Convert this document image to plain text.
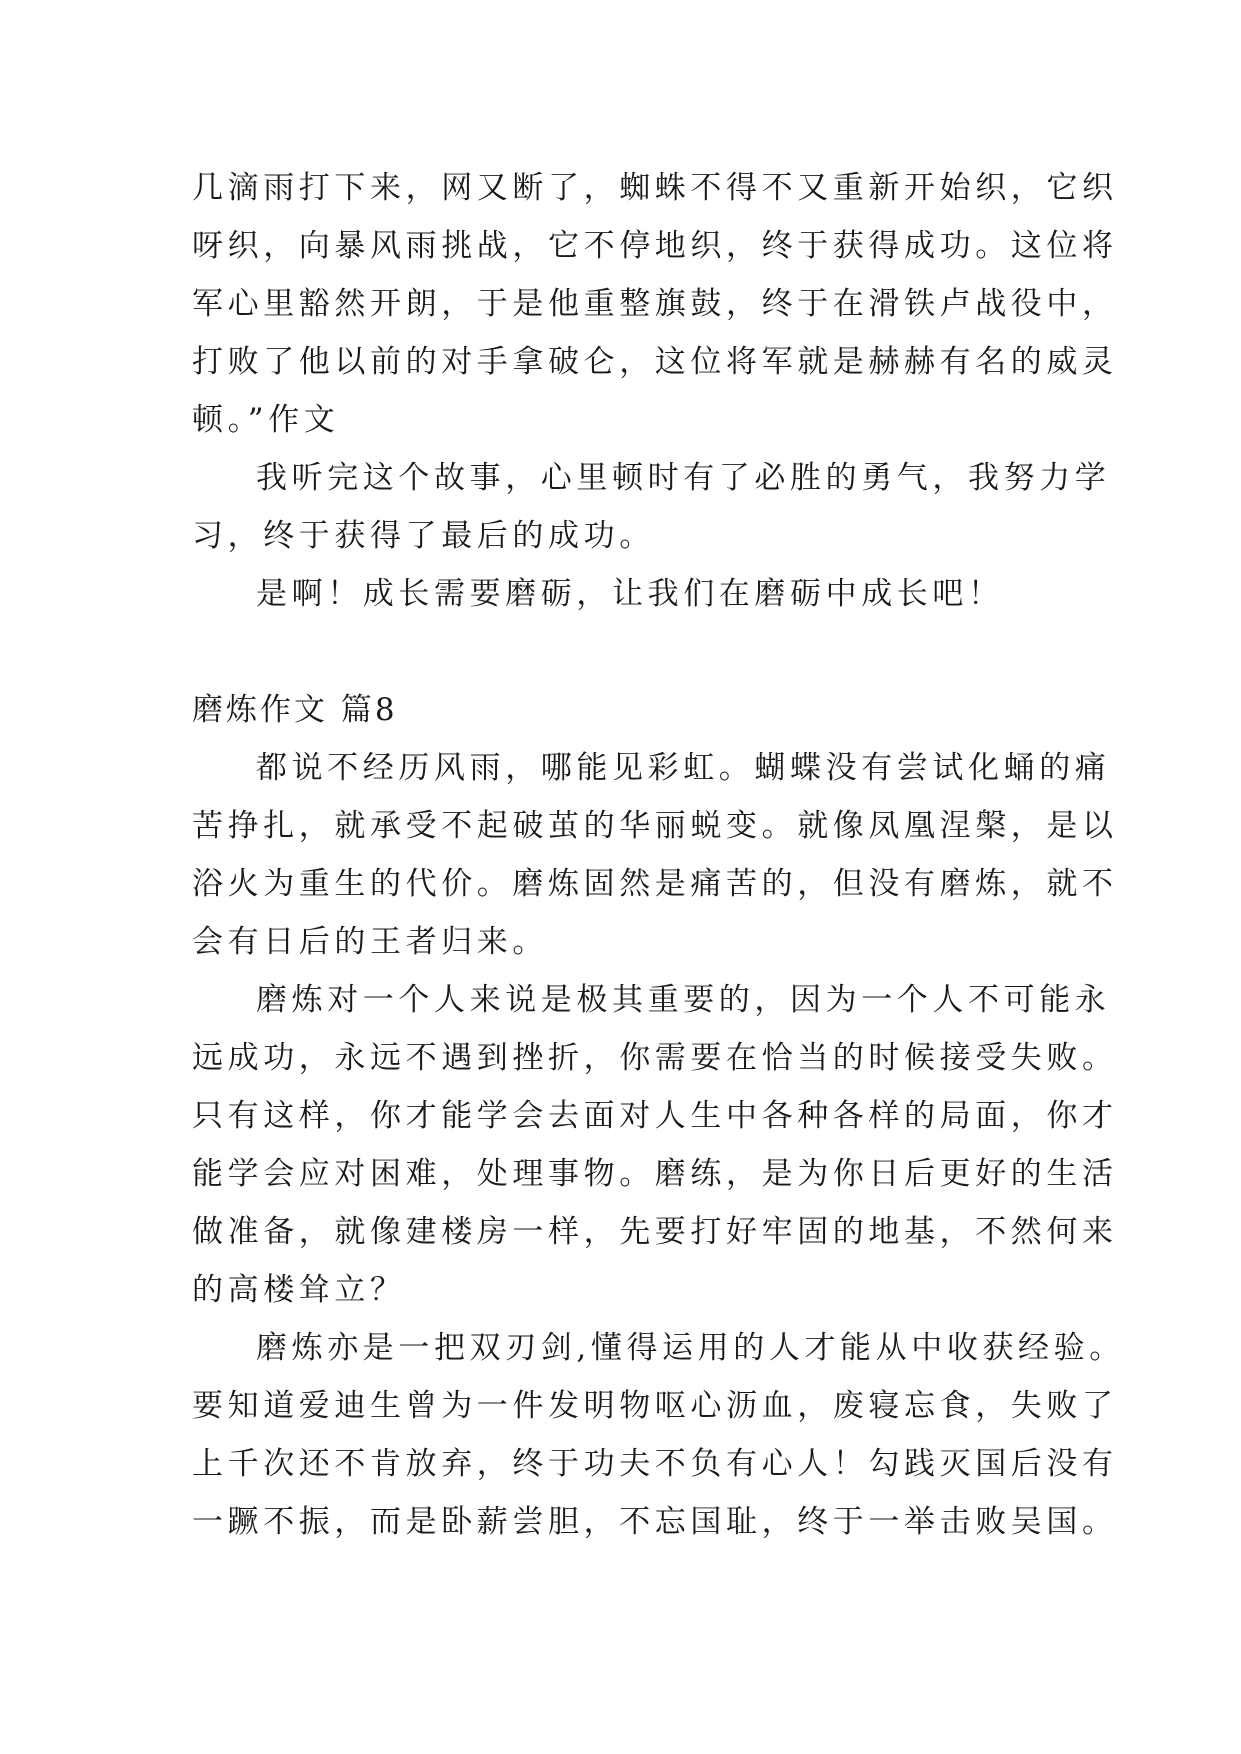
几滴雨打下来，网又断了，蜘蛛不得不又重新开始织，它织
呀织，向暴风雨挑战，它不停地织，终于获得成功。这位将
军心里豁然开朗，于是他重整旗鼓，终于在滑铁卢战役中，
打败了他以前的对手拿破仑，这位将军就是赫赫有名的威灵
顿。”作文
我听完这个故事，心里顿时有了必胜的勇气，我努力学
习，终于获得了最后的成功。
是啊！成长需要磨砺，让我们在磨砺中成长吧！
磨炼作文 篇8
都说不经历风雨，哪能见彩虹。蝴蝶没有尝试化蛹的痛
苦挣扎，就承受不起破茧的华丽蜕变。就像凤凰涅槃，是以
浴火为重生的代价。磨炼固然是痛苦的，但没有磨炼，就不
会有日后的王者归来。
磨炼对一个人来说是极其重要的，因为一个人不可能永
远成功，永远不遇到挫折，你需要在恰当的时候接受失败。
只有这样，你才能学会去面对人生中各种各样的局面，你才
能学会应对困难，处理事物。磨练，是为你日后更好的生活
做准备，就像建楼房一样，先要打好牢固的地基，不然何来
的高楼耸立？
磨炼亦是一把双刃剑,懂得运用的人才能从中收获经验。
要知道爱迪生曾为一件发明物呕心沥血，废寝忘食，失败了
上千次还不肯放弃，终于功夫不负有心人！勾践灭国后没有
一蹶不振，而是卧薪尝胆，不忘国耻，终于一举击败吴国。
